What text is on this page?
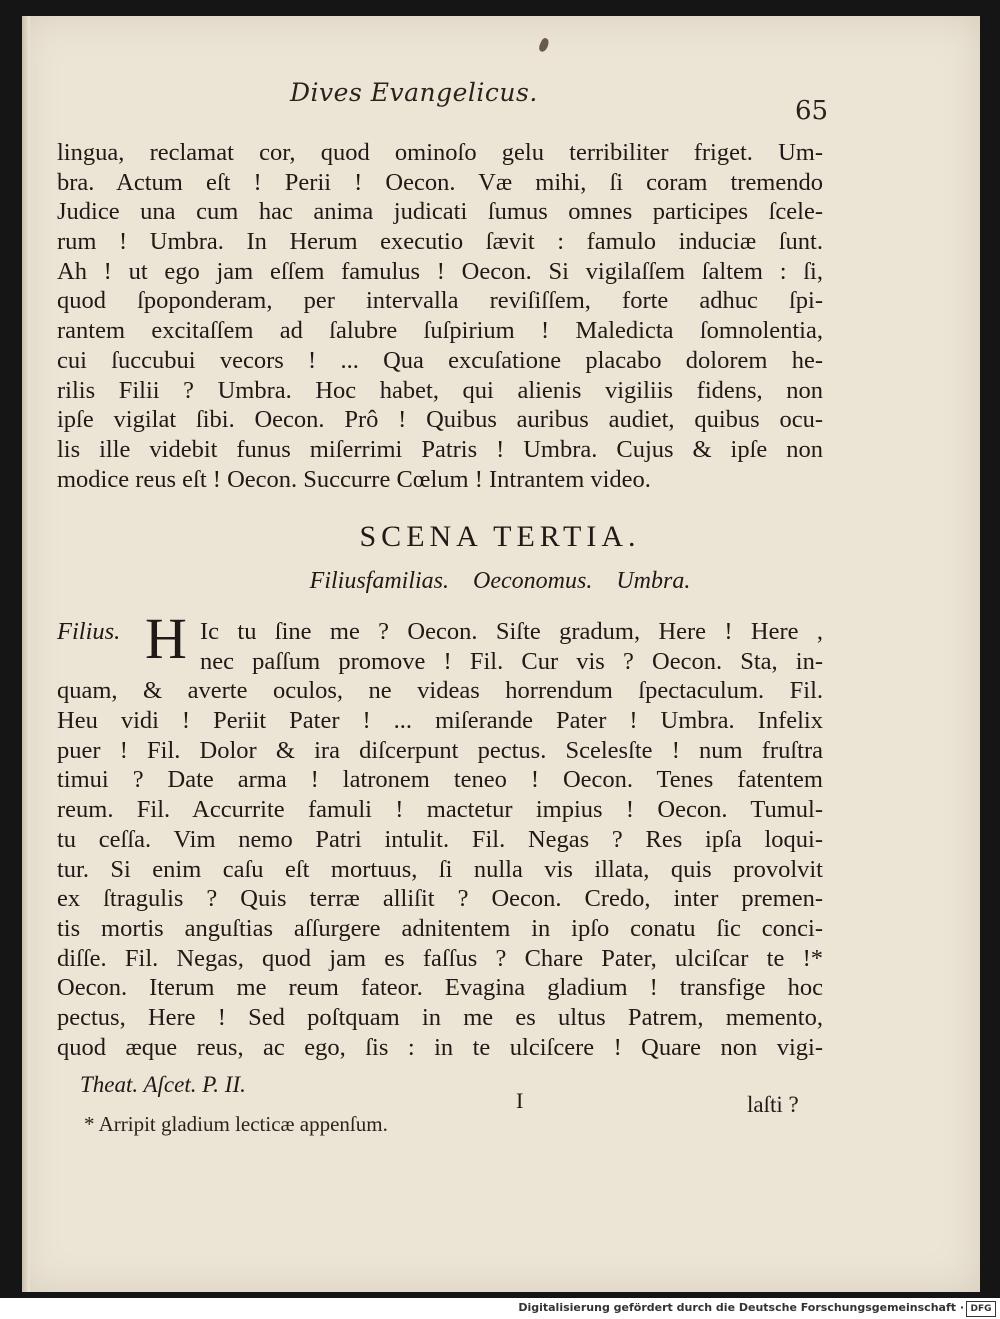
Dives Evangelicus.
65
lingua, reclamat cor, quod ominoſo gelu terribiliter friget. Um-
bra. Actum eſt ! Perii ! Oecon. Væ mihi, ſi coram tremendo
Judice una cum hac anima judicati ſumus omnes participes ſcele-
rum ! Umbra. In Herum executio ſævit : famulo induciæ ſunt.
Ah ! ut ego jam eſſem famulus ! Oecon. Si vigilaſſem ſaltem : ſi,
quod ſpoponderam, per intervalla reviſiſſem, forte adhuc ſpi-
rantem excitaſſem ad ſalubre ſuſpirium ! Maledicta ſomnolentia,
cui ſuccubui vecors ! ... Qua excuſatione placabo dolorem he-
rilis Filii ? Umbra. Hoc habet, qui alienis vigiliis fidens, non
ipſe vigilat ſibi. Oecon. Prô ! Quibus auribus audiet, quibus ocu-
lis ille videbit funus miſerrimi Patris ! Umbra. Cujus & ipſe non
modice reus eſt ! Oecon. Succurre Cœlum ! Intrantem video.
SCENA TERTIA.
Filiusfamilias. Oeconomus. Umbra.
Filius. H Ic tu ſine me ? Oecon. Siſte gradum, Here ! Here ,
nec paſſum promove ! Fil. Cur vis ? Oecon. Sta, in-
quam, & averte oculos, ne videas horrendum ſpectaculum. Fil.
Heu vidi ! Periit Pater ! ... miſerande Pater ! Umbra. Infelix
puer ! Fil. Dolor & ira diſcerpunt pectus. Scelesſte ! num fruſtra
timui ? Date arma ! latronem teneo ! Oecon. Tenes fatentem
reum. Fil. Accurrite famuli ! mactetur impius ! Oecon. Tumul-
tu ceſſa. Vim nemo Patri intulit. Fil. Negas ? Res ipſa loqui-
tur. Si enim caſu eſt mortuus, ſi nulla vis illata, quis provolvit
ex ſtragulis ? Quis terræ alliſit ? Oecon. Credo, inter premen-
tis mortis anguſtias aſſurgere adnitentem in ipſo conatu ſic conci-
diſſe. Fil. Negas, quod jam es faſſus ? Chare Pater, ulciſcar te !*
Oecon. Iterum me reum fateor. Evagina gladium ! transfige hoc
pectus, Here ! Sed poſtquam in me es ultus Patrem, memento,
quod æque reus, ac ego, ſis : in te ulciſcere ! Quare non vigi-
Theat. Aſcet. P. II.
I	laſti ?
* Arripit gladium lecticæ appenſum.
Digitalisierung gefördert durch die Deutsche Forschungsgemeinschaft · DFG
